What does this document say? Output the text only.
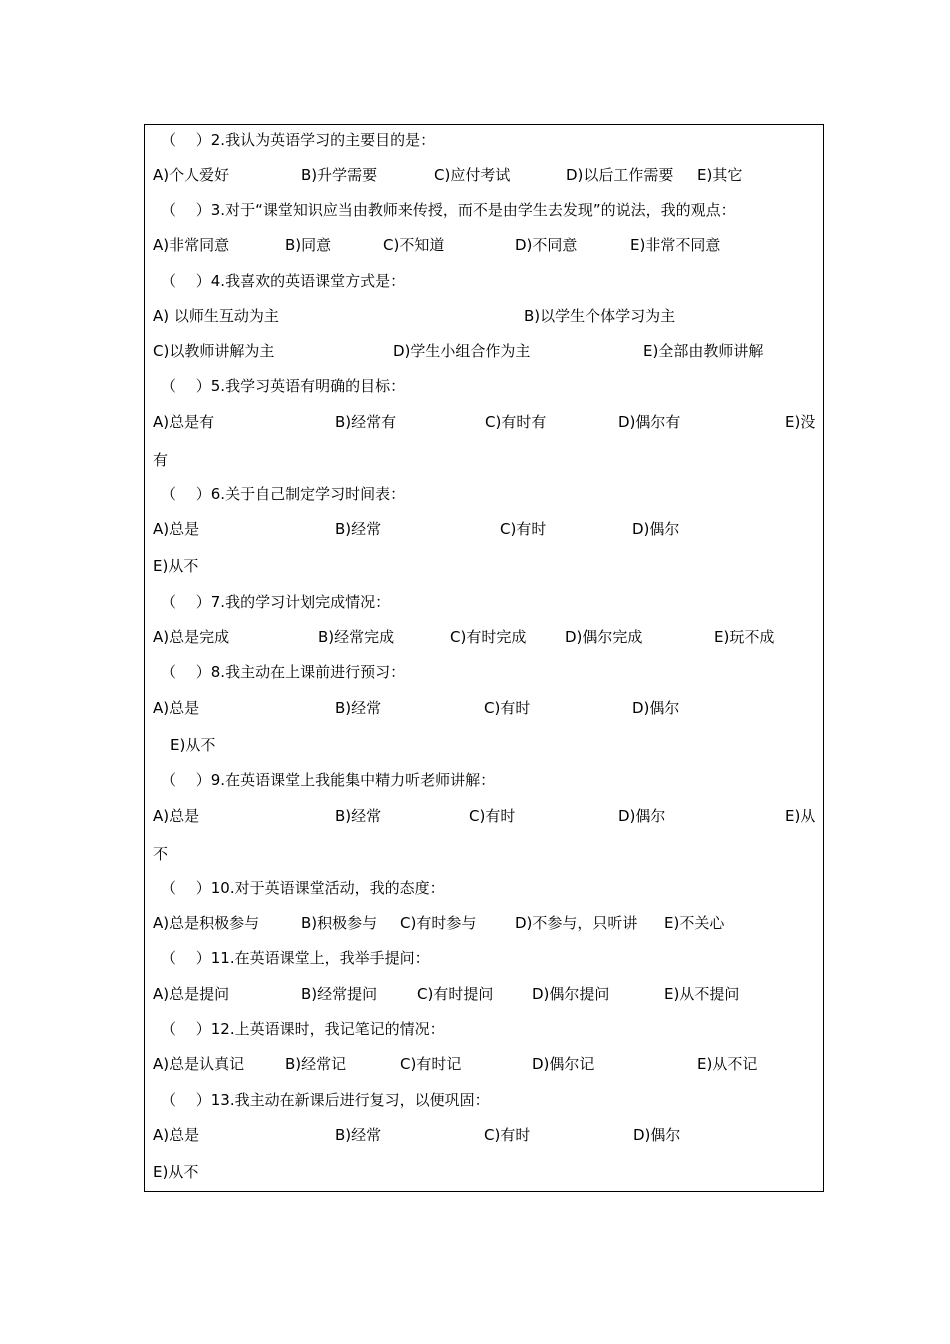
（　 ）2.我认为英语学习的主要目的是：
A)个人爱好	B)升学需要	C)应付考试	D)以后工作需要 E)其它
（　 ）3.对于“课堂知识应当由教师来传授，而不是由学生去发现”的说法，我的观点：
A)非常同意	B)同意	C)不知道	D)不同意	E)非常不同意
（　 ）4.我喜欢的英语课堂方式是：
A) 以师生互动为主	B)以学生个体学习为主
C)以教师讲解为主	D)学生小组合作为主	E)全部由教师讲解
（　 ）5.我学习英语有明确的目标：
A)总是有	B)经常有	C)有时有	D)偶尔有	E)没
有
（　 ）6.关于自己制定学习时间表：
A)总是	B)经常	C)有时	D)偶尔
E)从不
（　 ）7.我的学习计划完成情况：
A)总是完成	B)经常完成	C)有时完成	D)偶尔完成	E)玩不成
（　 ）8.我主动在上课前进行预习：
A)总是	B)经常	C)有时	D)偶尔
E)从不
（　 ）9.在英语课堂上我能集中精力听老师讲解：
A)总是	B)经常	C)有时	D)偶尔	E)从
不
（　 ）10.对于英语课堂活动，我的态度：
A)总是积极参与	B)积极参与 C)有时参与	D)不参与，只听讲 E)不关心
（　 ）11.在英语课堂上，我举手提问：
A)总是提问	B)经常提问	C)有时提问	D)偶尔提问	E)从不提问
（　 ）12.上英语课时，我记笔记的情况：
A)总是认真记	B)经常记	C)有时记	D)偶尔记	E)从不记
（　 ）13.我主动在新课后进行复习，以便巩固：
A)总是	B)经常	C)有时	D)偶尔
E)从不
